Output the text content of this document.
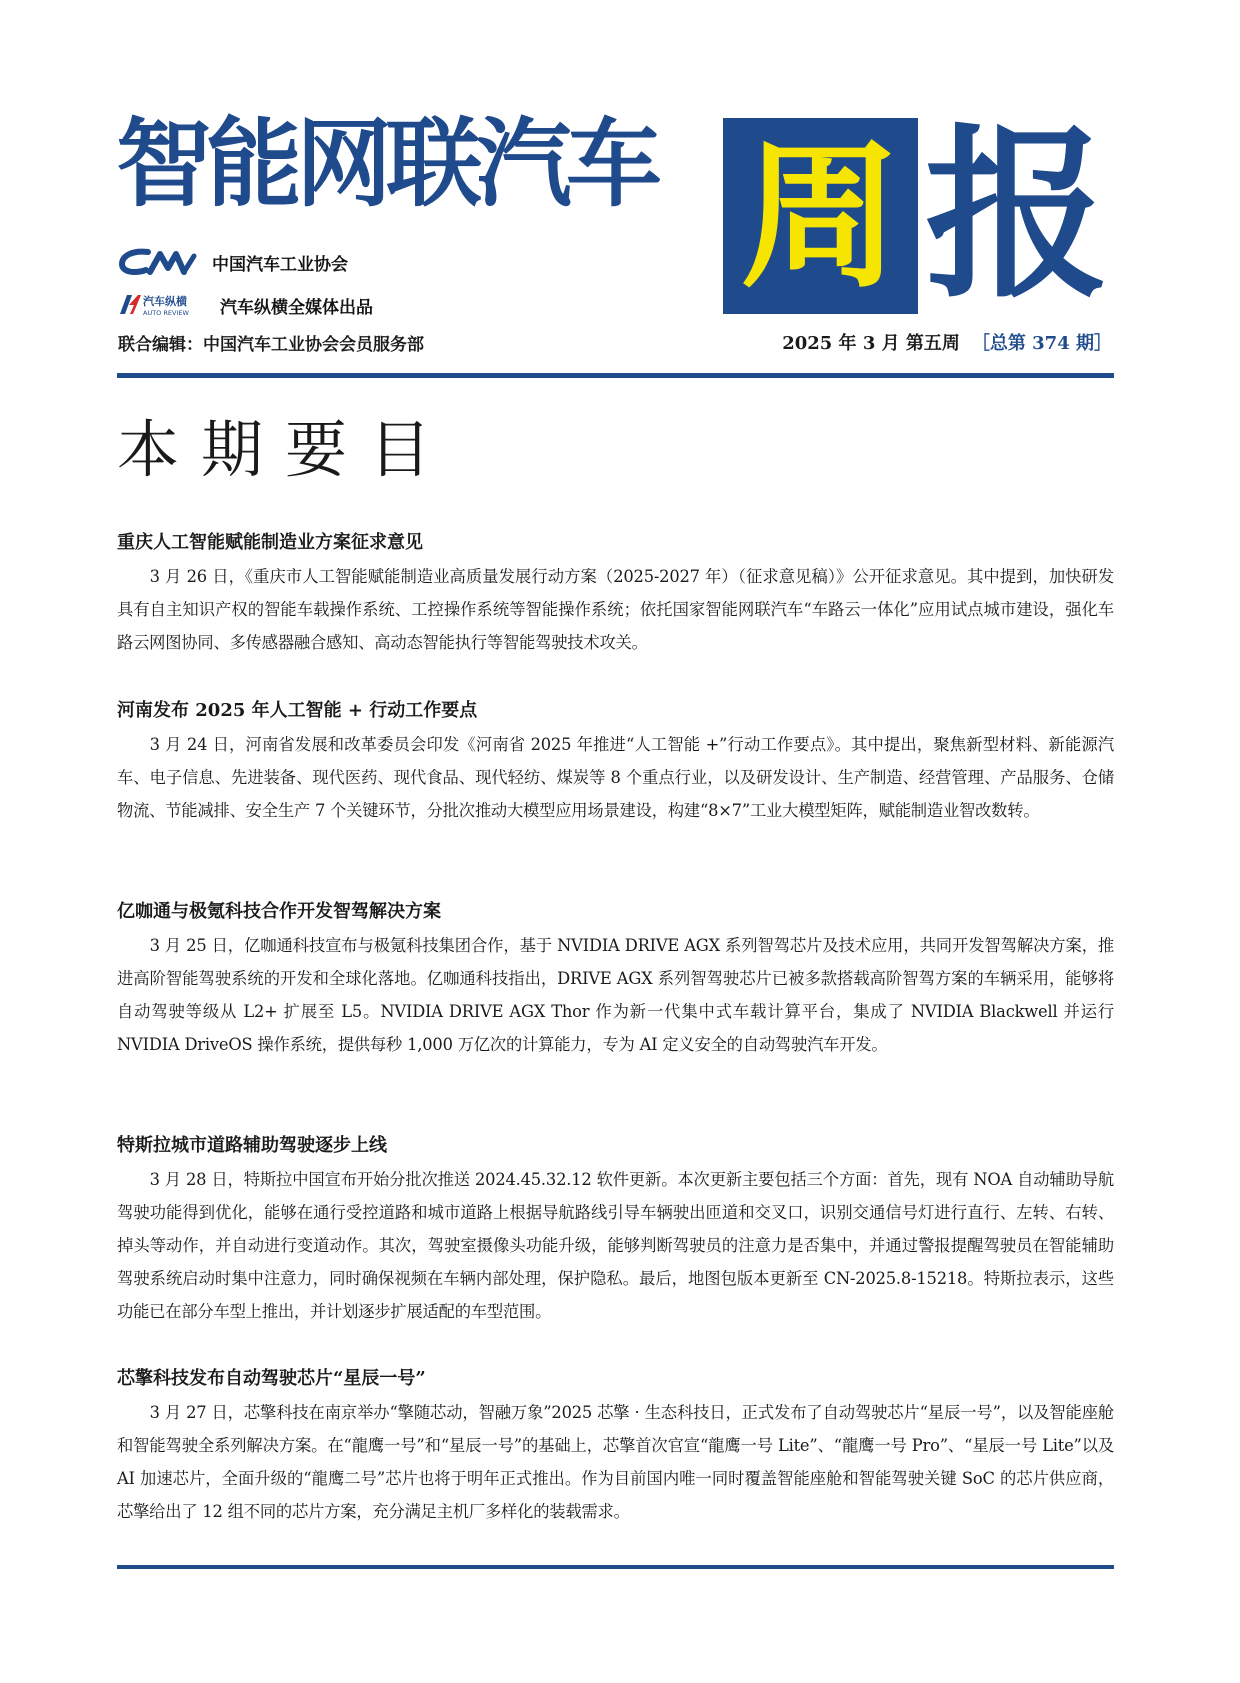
智能网联汽车 周 报
中国汽车工业协会
汽车纵横
AUTO REVIEW 汽车纵横全媒体出品
联合编辑：中国汽车工业协会会员服务部	2025 年 3 月 第五周 ［总第 374 期］
本期要目

重庆人工智能赋能制造业方案征求意见

3 月 26 日，《重庆市人工智能赋能制造业高质量发展行动方案（2025-2027 年）（征求意见稿）》公开征求意见。其中提到，加快研发具有自主知识产权的智能车载操作系统、工控操作系统等智能操作系统；依托国家智能网联汽车“车路云一体化”应用试点城市建设，强化车路云网图协同、多传感器融合感知、高动态智能执行等智能驾驶技术攻关。

河南发布 2025 年人工智能 + 行动工作要点

3 月 24 日，河南省发展和改革委员会印发《河南省 2025 年推进“人工智能 +”行动工作要点》。其中提出，聚焦新型材料、新能源汽车、电子信息、先进装备、现代医药、现代食品、现代轻纺、煤炭等 8 个重点行业，以及研发设计、生产制造、经营管理、产品服务、仓储物流、节能减排、安全生产 7 个关键环节，分批次推动大模型应用场景建设，构建“8×7”工业大模型矩阵，赋能制造业智改数转。

亿咖通与极氪科技合作开发智驾解决方案

3 月 25 日，亿咖通科技宣布与极氪科技集团合作，基于 NVIDIA DRIVE AGX 系列智驾芯片及技术应用，共同开发智驾解决方案，推进高阶智能驾驶系统的开发和全球化落地。亿咖通科技指出，DRIVE AGX 系列智驾驶芯片已被多款搭载高阶智驾方案的车辆采用，能够将自动驾驶等级从 L2+ 扩展至 L5。NVIDIA DRIVE AGX Thor 作为新一代集中式车载计算平台，集成了 NVIDIA Blackwell 并运行 NVIDIA DriveOS 操作系统，提供每秒 1,000 万亿次的计算能力，专为 AI 定义安全的自动驾驶汽车开发。

特斯拉城市道路辅助驾驶逐步上线

3 月 28 日，特斯拉中国宣布开始分批次推送 2024.45.32.12 软件更新。本次更新主要包括三个方面：首先，现有 NOA 自动辅助导航驾驶功能得到优化，能够在通行受控道路和城市道路上根据导航路线引导车辆驶出匝道和交叉口，识别交通信号灯进行直行、左转、右转、掉头等动作，并自动进行变道动作。其次，驾驶室摄像头功能升级，能够判断驾驶员的注意力是否集中，并通过警报提醒驾驶员在智能辅助驾驶系统启动时集中注意力，同时确保视频在车辆内部处理，保护隐私。最后，地图包版本更新至 CN-2025.8-15218。特斯拉表示，这些功能已在部分车型上推出，并计划逐步扩展适配的车型范围。

芯擎科技发布自动驾驶芯片“星辰一号”

3 月 27 日，芯擎科技在南京举办“擎随芯动，智融万象”2025 芯擎 · 生态科技日，正式发布了自动驾驶芯片“星辰一号”，以及智能座舱和智能驾驶全系列解决方案。在“龍鹰一号”和“星辰一号”的基础上，芯擎首次官宣“龍鹰一号 Lite”、“龍鹰一号 Pro”、“星辰一号 Lite”以及 AI 加速芯片，全面升级的“龍鹰二号”芯片也将于明年正式推出。作为目前国内唯一同时覆盖智能座舱和智能驾驶关键 SoC 的芯片供应商，芯擎给出了 12 组不同的芯片方案，充分满足主机厂多样化的装载需求。
